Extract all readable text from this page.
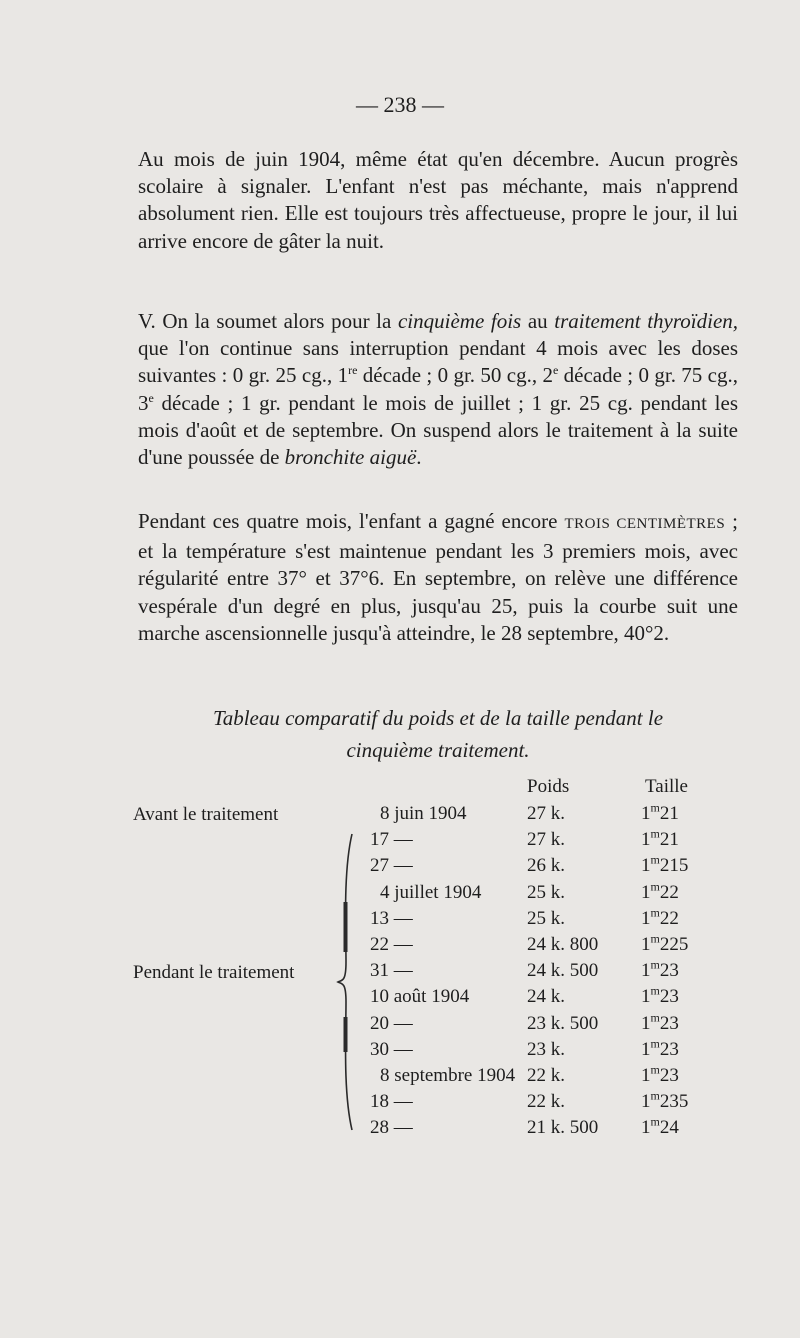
— 238 —

Au mois de juin 1904, même état qu'en décembre. Aucun progrès scolaire à signaler. L'enfant n'est pas méchante, mais n'apprend absolument rien. Elle est toujours très affectueuse, propre le jour, il lui arrive encore de gâter la nuit.

V. On la soumet alors pour la cinquième fois au traitement thyroïdien, que l'on continue sans interruption pendant 4 mois avec les doses suivantes : 0 gr. 25 cg., 1re décade ; 0 gr. 50 cg., 2e décade ; 0 gr. 75 cg., 3e décade ; 1 gr. pendant le mois de juillet ; 1 gr. 25 cg. pendant les mois d'août et de septembre. On suspend alors le traitement à la suite d'une poussée de bronchite aiguë.

Pendant ces quatre mois, l'enfant a gagné encore TROIS CENTIMÈTRES ; et la température s'est maintenue pendant les 3 premiers mois, avec régularité entre 37° et 37°6. En septembre, on relève une différence vespérale d'un degré en plus, jusqu'au 25, puis la courbe suit une marche ascensionnelle jusqu'à atteindre, le 28 septembre, 40°2.

Tableau comparatif du poids et de la taille pendant le
cinquième traitement.

Poids	Taille
Avant le traitement
Pendant le traitement
8 juin 1904	27 k.	1$^m$21
17 —	27 k.	1$^m$21
27 —	26 k.	1$^m$215
4 juillet 1904 25 k.	1$^m$22
13 —	25 k.	1$^m$22
22 —	24 k. 800 1$^m$225
31 —	24 k. 500 1$^m$23
10 août 1904	24 k.	1$^m$23
20 —	23 k. 500 1$^m$23
30 —	23 k.	1$^m$23
8 septembre 1904 22 k.	1$^m$23
18 —	22 k.	1$^m$235
28 —	21 k. 500 1$^m$24
